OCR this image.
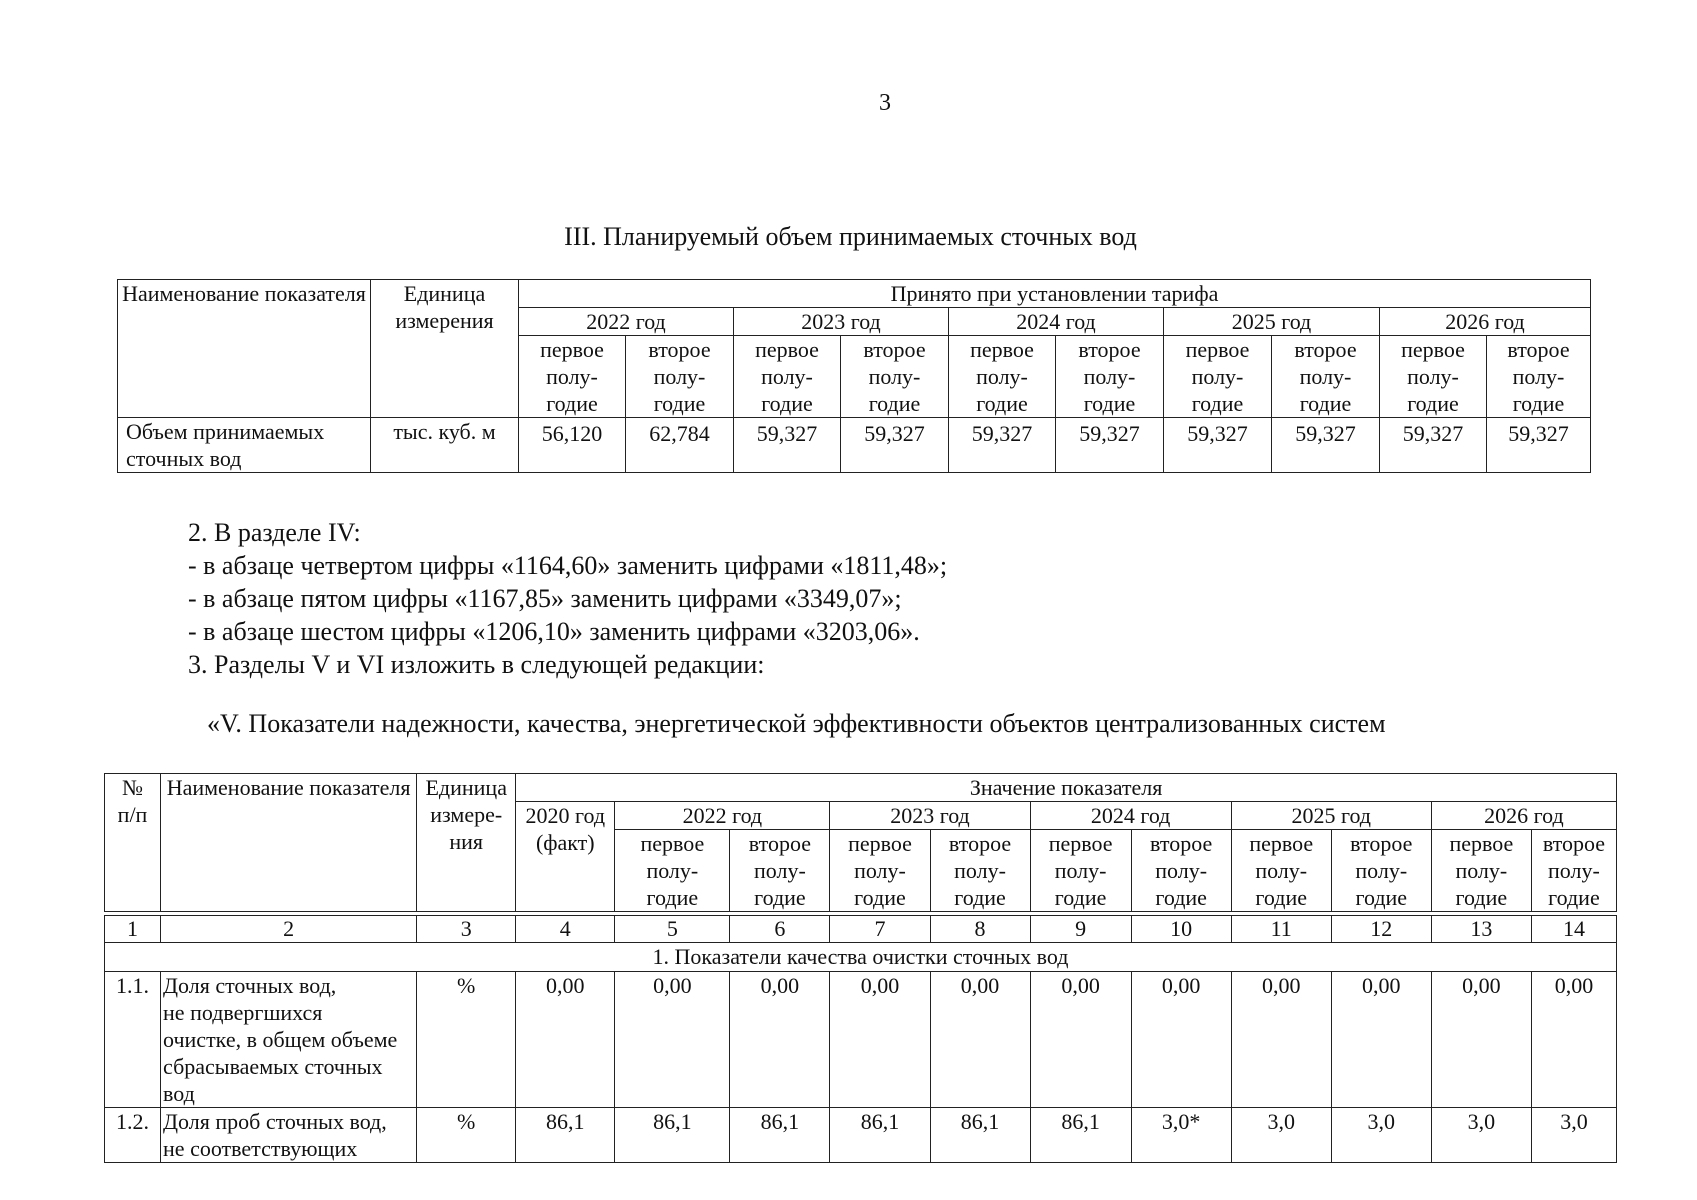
3
III. Планируемый объем принимаемых сточных вод
Наименование показателя	Единица измерения	Принято при установлении тарифа									
		2022 год		2023 год		2024 год		2025 год		2026 год	

		первое
полу-
годие	второе
полу-
годие	первое
полу-
годие	второе
полу-
годие	первое
полу-
годие	второе
полу-
годие	первое
полу-
годие	второе
полу-
годие	первое
полу-
годие	второе
полу-
годие

Объем принимаемых сточных вод	тыс. куб. м	56,120	62,784	59,327	59,327	59,327	59,327	59,327	59,327	59,327	59,327
2. В разделе IV:
- в абзаце четвертом цифры «1164,60» заменить цифрами «1811,48»;
- в абзаце пятом цифры «1167,85» заменить цифрами «3349,07»;
- в абзаце шестом цифры «1206,10» заменить цифрами «3203,06».
3. Разделы V и VI изложить в следующей редакции:
«V. Показатели надежности, качества, энергетической эффективности объектов централизованных систем
№
п/п	Наименование показателя	Единица
измере-
ния	Значение показателя										

			2020 год
(факт)	2022 год		2023 год		2024 год		2025 год		2026 год	

				первое
полу-
годие	второе
полу-
годие	первое
полу-
годие	второе
полу-
годие	первое
полу-
годие	второе
полу-
годие	первое
полу-
годие	второе
полу-
годие	первое
полу-
годие	второе
полу-
годие

1	2	3	4	5	6	7	8	9	10	11	12	13	14
1. Показатели качества очистки сточных вод													
1.1.	Доля сточных вод,
не подвергшихся
очистке, в общем объеме
сбрасываемых сточных
вод	%	0,00	0,00	0,00	0,00	0,00	0,00	0,00	0,00	0,00	0,00	0,00
1.2.	Доля проб сточных вод,
не соответствующих	%	86,1	86,1	86,1	86,1	86,1	86,1	3,0*	3,0	3,0	3,0	3,0
